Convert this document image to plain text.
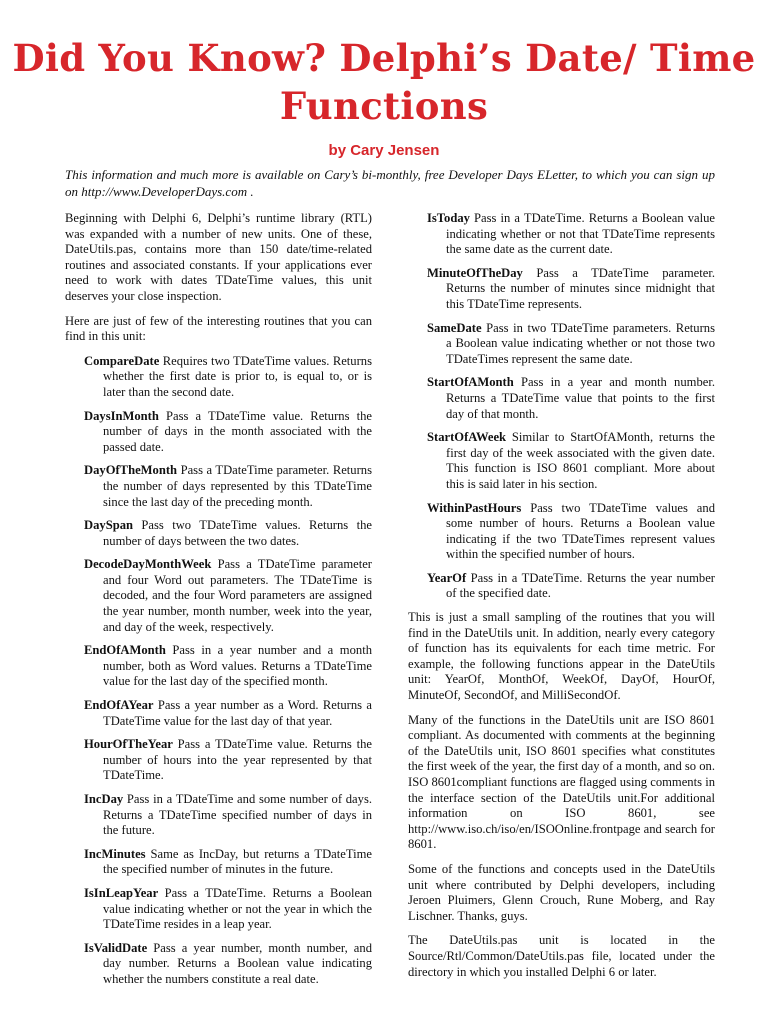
Did You Know? Delphi’s Date/ Time Functions

by Cary Jensen

This information and much more is available on Cary’s bi-monthly, free Developer Days ELetter, to which you can sign up on http://www.DeveloperDays.com .

Beginning with Delphi 6, Delphi’s runtime library (RTL) was expanded with a number of new units. One of these, DateUtils.pas, contains more than 150 date/time-related routines and associated constants. If your applications ever need to work with dates TDateTime values, this unit deserves your close inspection.

Here are just of few of the interesting routines that you can find in this unit:

CompareDate Requires two TDateTime values. Returns whether the first date is prior to, is equal to, or is later than the second date.

DaysInMonth Pass a TDateTime value. Returns the number of days in the month associated with the passed date.

DayOfTheMonth Pass a TDateTime parameter. Returns the number of days represented by this TDateTime since the last day of the preceding month.

DaySpan Pass two TDateTime values. Returns the number of days between the two dates.

DecodeDayMonthWeek Pass a TDateTime parameter and four Word out parameters. The TDateTime is decoded, and the four Word parameters are assigned the year number, month number, week into the year, and day of the week, respectively.

EndOfAMonth Pass in a year number and a month number, both as Word values. Returns a TDateTime value for the last day of the specified month.

EndOfAYear Pass a year number as a Word. Returns a TDateTime value for the last day of that year.

HourOfTheYear Pass a TDateTime value. Returns the number of hours into the year represented by that TDateTime.

IncDay Pass in a TDateTime and some number of days. Returns a TDateTime specified number of days in the future.

IncMinutes Same as IncDay, but returns a TDateTime the specified number of minutes in the future.

IsInLeapYear Pass a TDateTime. Returns a Boolean value indicating whether or not the year in which the TDateTime resides in a leap year.

IsValidDate Pass a year number, month number, and day number. Returns a Boolean value indicating whether the numbers constitute a real date.

IsToday Pass in a TDateTime. Returns a Boolean value indicating whether or not that TDateTime represents the same date as the current date.

MinuteOfTheDay Pass a TDateTime parameter. Returns the number of minutes since midnight that this TDateTime represents.

SameDate Pass in two TDateTime parameters. Returns a Boolean value indicating whether or not those two TDateTimes represent the same date.

StartOfAMonth Pass in a year and month number. Returns a TDateTime value that points to the first day of that month.

StartOfAWeek Similar to StartOfAMonth, returns the first day of the week associated with the given date. This function is ISO 8601 compliant. More about this is said later in his section.

WithinPastHours Pass two TDateTime values and some number of hours. Returns a Boolean value indicating if the two TDateTimes represent values within the specified number of hours.

YearOf Pass in a TDateTime. Returns the year number of the specified date.

This is just a small sampling of the routines that you will find in the DateUtils unit. In addition, nearly every category of function has its equivalents for each time metric. For example, the following functions appear in the DateUtils unit: YearOf, MonthOf, WeekOf, DayOf, HourOf, MinuteOf, SecondOf, and MilliSecondOf.

Many of the functions in the DateUtils unit are ISO 8601 compliant. As documented with comments at the beginning of the DateUtils unit, ISO 8601 specifies what constitutes the first week of the year, the first day of a month, and so on. ISO 8601compliant functions are flagged using comments in the interface section of the DateUtils unit.For additional information on ISO 8601, see http://www.iso.ch/iso/en/ISOOnline.frontpage and search for 8601.

Some of the functions and concepts used in the DateUtils unit where contributed by Delphi developers, including Jeroen Pluimers, Glenn Crouch, Rune Moberg, and Ray Lischner. Thanks, guys.

The DateUtils.pas unit is located in the Source/Rtl/Common/DateUtils.pas file, located under the directory in which you installed Delphi 6 or later.
